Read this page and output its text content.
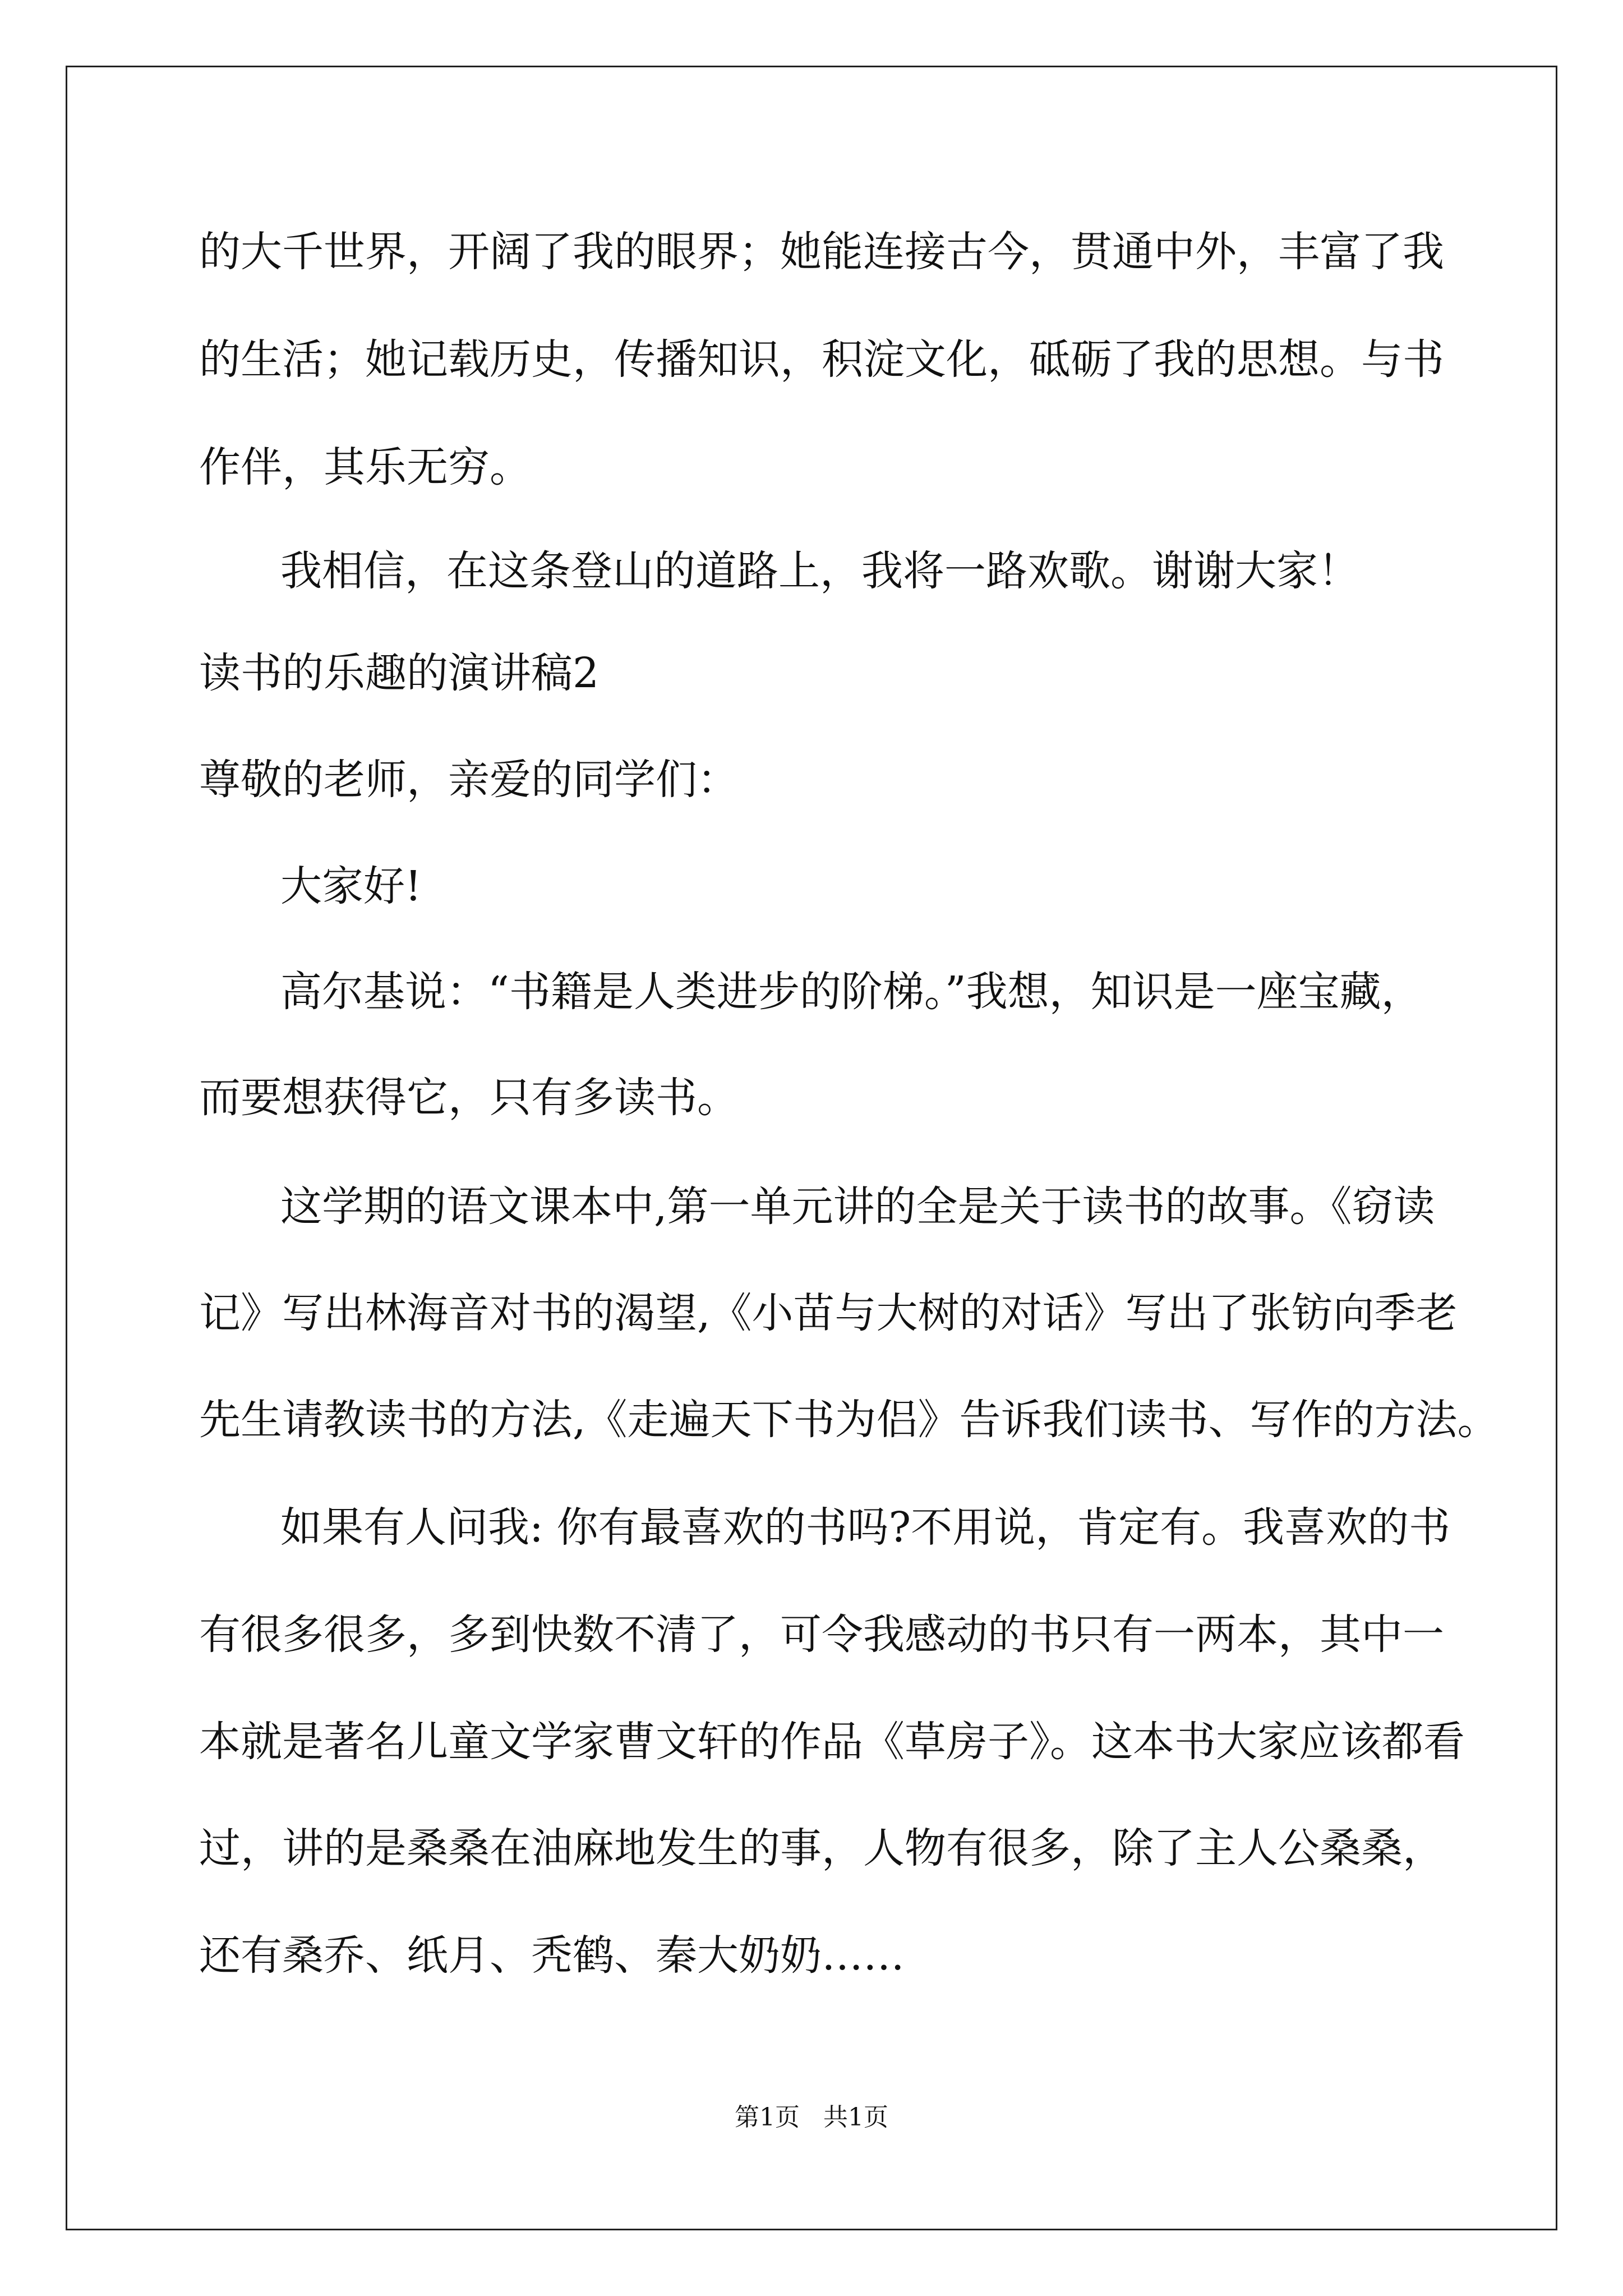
的大千世界，开阔了我的眼界；她能连接古今，贯通中外，丰富了我
的生活；她记载历史，传播知识，积淀文化，砥砺了我的思想。与书
作伴，其乐无穷。
我相信，在这条登山的道路上，我将一路欢歌。谢谢大家！
读书的乐趣的演讲稿2
尊敬的老师，亲爱的同学们：
大家好!
高尔基说：“书籍是人类进步的阶梯。”我想，知识是一座宝藏，
而要想获得它，只有多读书。
这学期的语文课本中,第一单元讲的全是关于读书的故事。《窃读
记》写出林海音对书的渴望,《小苗与大树的对话》写出了张钫向季老
先生请教读书的方法,《走遍天下书为侣》告诉我们读书、写作的方法。
如果有人问我: 你有最喜欢的书吗?不用说，肯定有。我喜欢的书
有很多很多，多到快数不清了，可令我感动的书只有一两本，其中一
本就是著名儿童文学家曹文轩的作品《草房子》。这本书大家应该都看
过，讲的是桑桑在油麻地发生的事，人物有很多，除了主人公桑桑，
还有桑乔、纸月、秃鹤、秦大奶奶……
第1页   共1页
